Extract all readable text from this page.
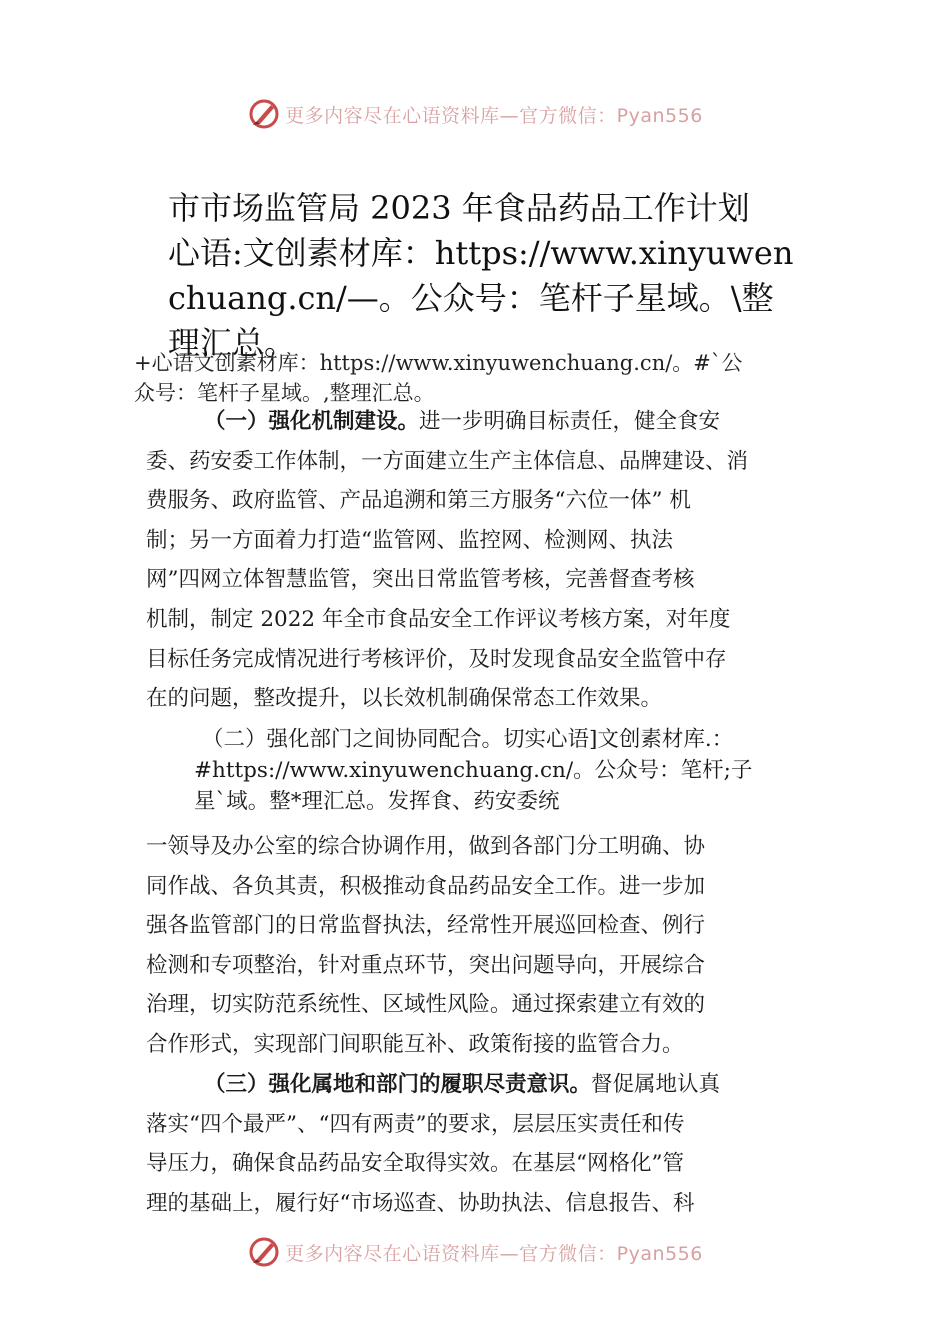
更多内容尽在心语资料库—官方微信：Pyan556
市市场监管局 2023 年食品药品工作计划
心语:文创素材库：https://www.xinyuwen
chuang.cn/—。公众号：笔杆子星域。\整
理汇总。
+心语文创素材库：https://www.xinyuwenchuang.cn/。#`公
众号：笔杆子星域。,整理汇总。
（一）强化机制建设。进一步明确目标责任，健全食安
委、药安委工作体制，一方面建立生产主体信息、品牌建设、消
费服务、政府监管、产品追溯和第三方服务“六位一体” 机
制；另一方面着力打造“监管网、监控网、检测网、执法
网”四网立体智慧监管，突出日常监管考核，完善督查考核
机制，制定 2022 年全市食品安全工作评议考核方案，对年度
目标任务完成情况进行考核评价，及时发现食品安全监管中存
在的问题，整改提升，以长效机制确保常态工作效果。
（二）强化部门之间协同配合。切实心语]文创素材库.：
#https://www.xinyuwenchuang.cn/。公众号：笔杆;子
星`域。整*理汇总。发挥食、药安委统
一领导及办公室的综合协调作用，做到各部门分工明确、协
同作战、各负其责，积极推动食品药品安全工作。进一步加
强各监管部门的日常监督执法，经常性开展巡回检查、例行
检测和专项整治，针对重点环节，突出问题导向，开展综合
治理，切实防范系统性、区域性风险。通过探索建立有效的
合作形式，实现部门间职能互补、政策衔接的监管合力。
（三）强化属地和部门的履职尽责意识。督促属地认真
落实“四个最严”、“四有两责”的要求，层层压实责任和传
导压力，确保食品药品安全取得实效。在基层“网格化”管
理的基础上，履行好“市场巡查、协助执法、信息报告、科
更多内容尽在心语资料库—官方微信：Pyan556
